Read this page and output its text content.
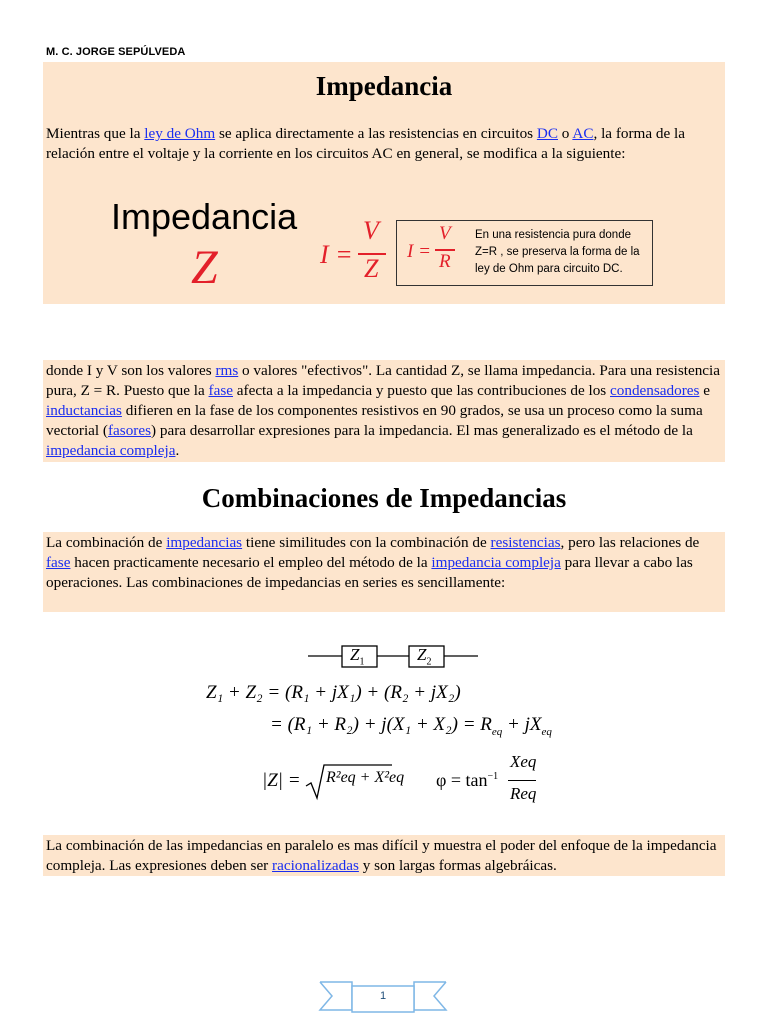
M. C. JORGE SEPÚLVEDA
Impedancia

Mientras que la ley de Ohm se aplica directamente a las resistencias en circuitos DC o AC, la forma de la relación entre el voltaje y la corriente en los circuitos AC en general, se modifica a la siguiente:

Impedancia
Z	I =
V
Z
I =
V
R
En una resistencia pura donde
Z=R , se preserva la forma de la
ley de Ohm para circuito DC.

donde I y V son los valores rms o valores "efectivos". La cantidad Z, se llama impedancia. Para una resistencia pura, Z = R. Puesto que la fase afecta a la impedancia y puesto que las contribuciones de los condensadores e inductancias difieren en la fase de los componentes resistivos en 90 grados, se usa un proceso como la suma vectorial (fasores) para desarrollar expresiones para la impedancia. El mas generalizado es el método de la impedancia compleja.

Combinaciones de Impedancias

La combinación de impedancias tiene similitudes con la combinación de resistencias, pero las relaciones de fase hacen practicamente necesario el empleo del método de la impedancia compleja para llevar a cabo las operaciones. Las combinaciones de impedancias en series es sencillamente:

$Z_1$	$Z_2$
Z₁ + Z₂ = (R₁ + jX₁) + (R₂ + jX₂)
= $(R_1 + R_2) + j(X_1 + X_2) = R_{eq} + jX_{eq}$
|Z| = R²eq + X²eq $\varphi = \tan^{-1}$
Xeq
Req

La combinación de las impedancias en paralelo es mas difícil y muestra el poder del enfoque de la impedancia compleja. Las expresiones deben ser racionalizadas y son largas formas algebráicas.

1
